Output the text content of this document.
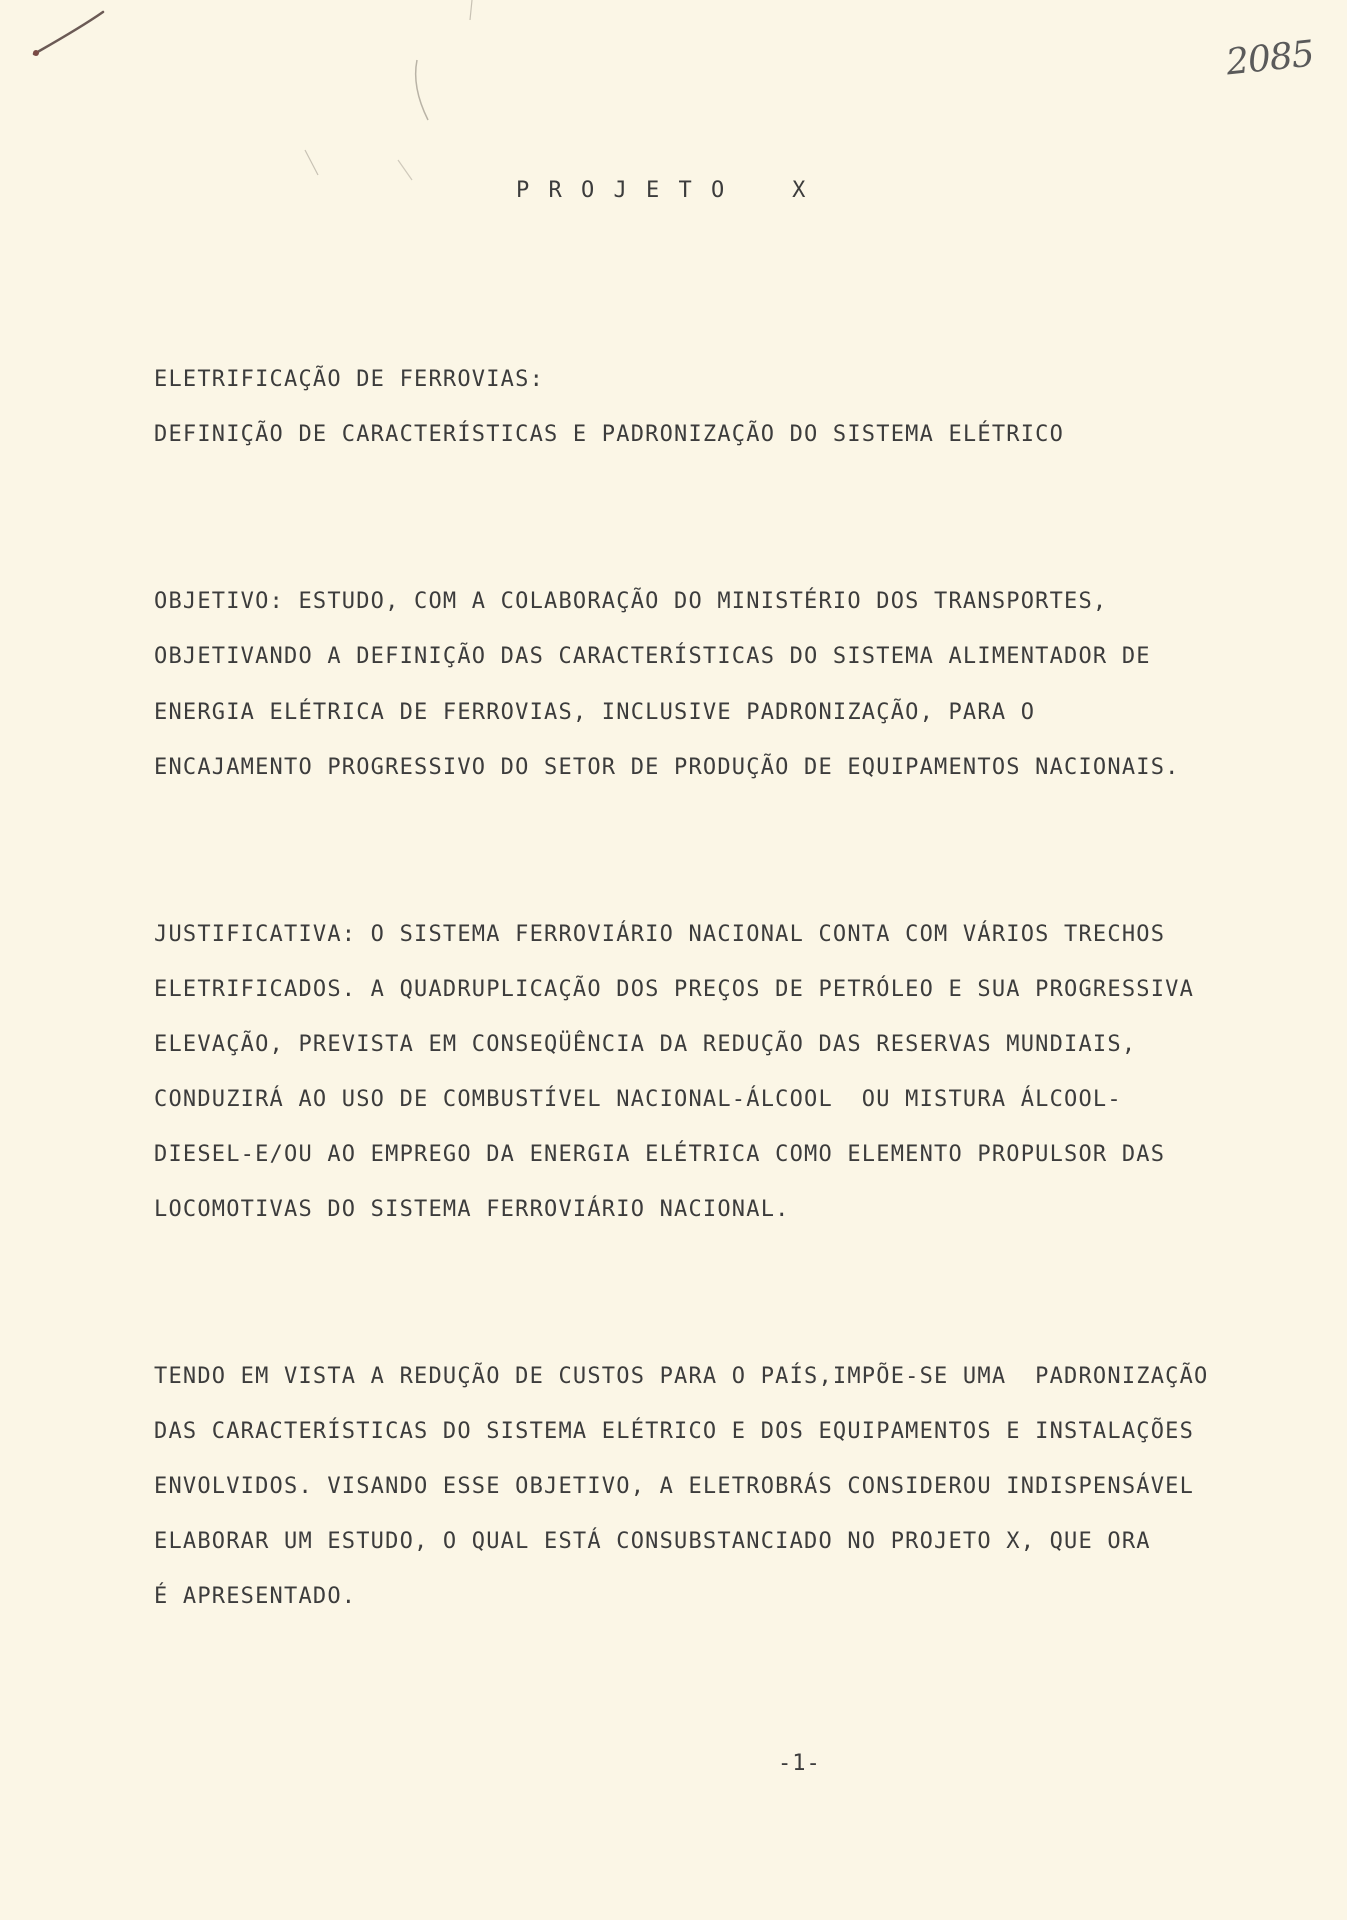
2085
P R O J E T O    X
ELETRIFICAÇÃO DE FERROVIAS:
DEFINIÇÃO DE CARACTERÍSTICAS E PADRONIZAÇÃO DO SISTEMA ELÉTRICO
OBJETIVO: ESTUDO, COM A COLABORAÇÃO DO MINISTÉRIO DOS TRANSPORTES,
OBJETIVANDO A DEFINIÇÃO DAS CARACTERÍSTICAS DO SISTEMA ALIMENTADOR DE
ENERGIA ELÉTRICA DE FERROVIAS, INCLUSIVE PADRONIZAÇÃO, PARA O
ENCAJAMENTO PROGRESSIVO DO SETOR DE PRODUÇÃO DE EQUIPAMENTOS NACIONAIS.
JUSTIFICATIVA: O SISTEMA FERROVIÁRIO NACIONAL CONTA COM VÁRIOS TRECHOS
ELETRIFICADOS. A QUADRUPLICAÇÃO DOS PREÇOS DE PETRÓLEO E SUA PROGRESSIVA
ELEVAÇÃO, PREVISTA EM CONSEQÜÊNCIA DA REDUÇÃO DAS RESERVAS MUNDIAIS,
CONDUZIRÁ AO USO DE COMBUSTÍVEL NACIONAL-ÁLCOOL  OU MISTURA ÁLCOOL-
DIESEL-E/OU AO EMPREGO DA ENERGIA ELÉTRICA COMO ELEMENTO PROPULSOR DAS
LOCOMOTIVAS DO SISTEMA FERROVIÁRIO NACIONAL.
TENDO EM VISTA A REDUÇÃO DE CUSTOS PARA O PAÍS,IMPÕE-SE UMA  PADRONIZAÇÃO
DAS CARACTERÍSTICAS DO SISTEMA ELÉTRICO E DOS EQUIPAMENTOS E INSTALAÇÕES
ENVOLVIDOS. VISANDO ESSE OBJETIVO, A ELETROBRÁS CONSIDEROU INDISPENSÁVEL
ELABORAR UM ESTUDO, O QUAL ESTÁ CONSUBSTANCIADO NO PROJETO X, QUE ORA
É APRESENTADO.
-1-
